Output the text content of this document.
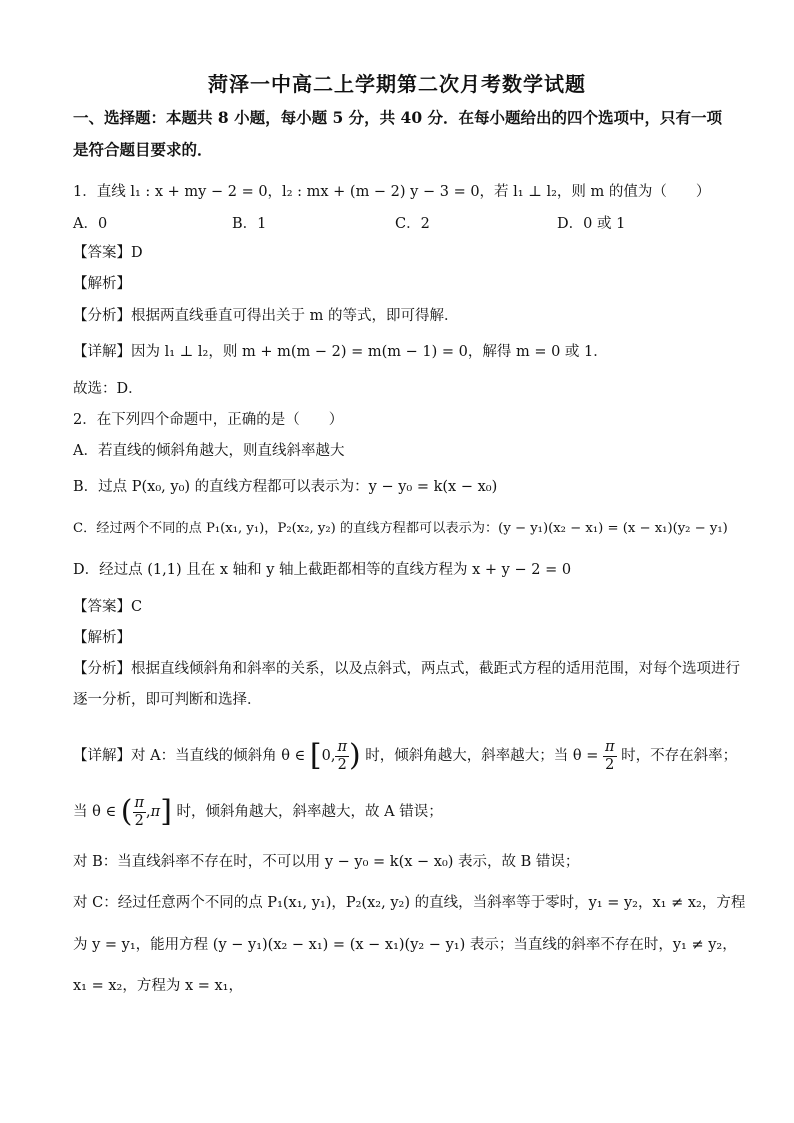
菏泽一中高二上学期第二次月考数学试题
一、选择题：本题共 8 小题，每小题 5 分，共 40 分．在每小题给出的四个选项中，只有一项
是符合题目要求的．
1．直线 l₁ : x + my − 2 = 0，l₂ : mx + (m − 2) y − 3 = 0，若 l₁ ⊥ l₂，则 m 的值为（　　）
A．0	B．1	C．2	D．0 或 1
【答案】D
【解析】
【分析】根据两直线垂直可得出关于 m 的等式，即可得解．
【详解】因为 l₁ ⊥ l₂，则 m + m(m − 2) = m(m − 1) = 0，解得 m = 0 或 1．
故选：D．
2．在下列四个命题中，正确的是（　　）
A．若直线的倾斜角越大，则直线斜率越大
B．过点 P(x₀, y₀) 的直线方程都可以表示为：y − y₀ = k(x − x₀)
C．经过两个不同的点 P₁(x₁, y₁)，P₂(x₂, y₂) 的直线方程都可以表示为：(y − y₁)(x₂ − x₁) = (x − x₁)(y₂ − y₁)
D．经过点 (1,1) 且在 x 轴和 y 轴上截距都相等的直线方程为 x + y − 2 = 0
【答案】C
【解析】
【分析】根据直线倾斜角和斜率的关系，以及点斜式，两点式，截距式方程的适用范围，对每个选项进行
逐一分析，即可判断和选择．
【详解】对 A：当直线的倾斜角 θ ∈ [0, $\frac{\pi}{2}$ ) 时，倾斜角越大，斜率越大；当 $\theta = \frac{\pi}{2}$ 时，不存在斜率；
当 θ ∈ ( $\frac{\pi}{2} ,\pi$] 时，倾斜角越大，斜率越大，故 A 错误；
对 B：当直线斜率不存在时，不可以用 y − y₀ = k(x − x₀) 表示，故 B 错误；
对 C：经过任意两个不同的点 P₁(x₁, y₁)，P₂(x₂, y₂) 的直线，当斜率等于零时，y₁ = y₂，x₁ ≠ x₂，方程
为 y = y₁，能用方程 (y − y₁)(x₂ − x₁) = (x − x₁)(y₂ − y₁) 表示；当直线的斜率不存在时，y₁ ≠ y₂，
x₁ = x₂，方程为 x = x₁，
